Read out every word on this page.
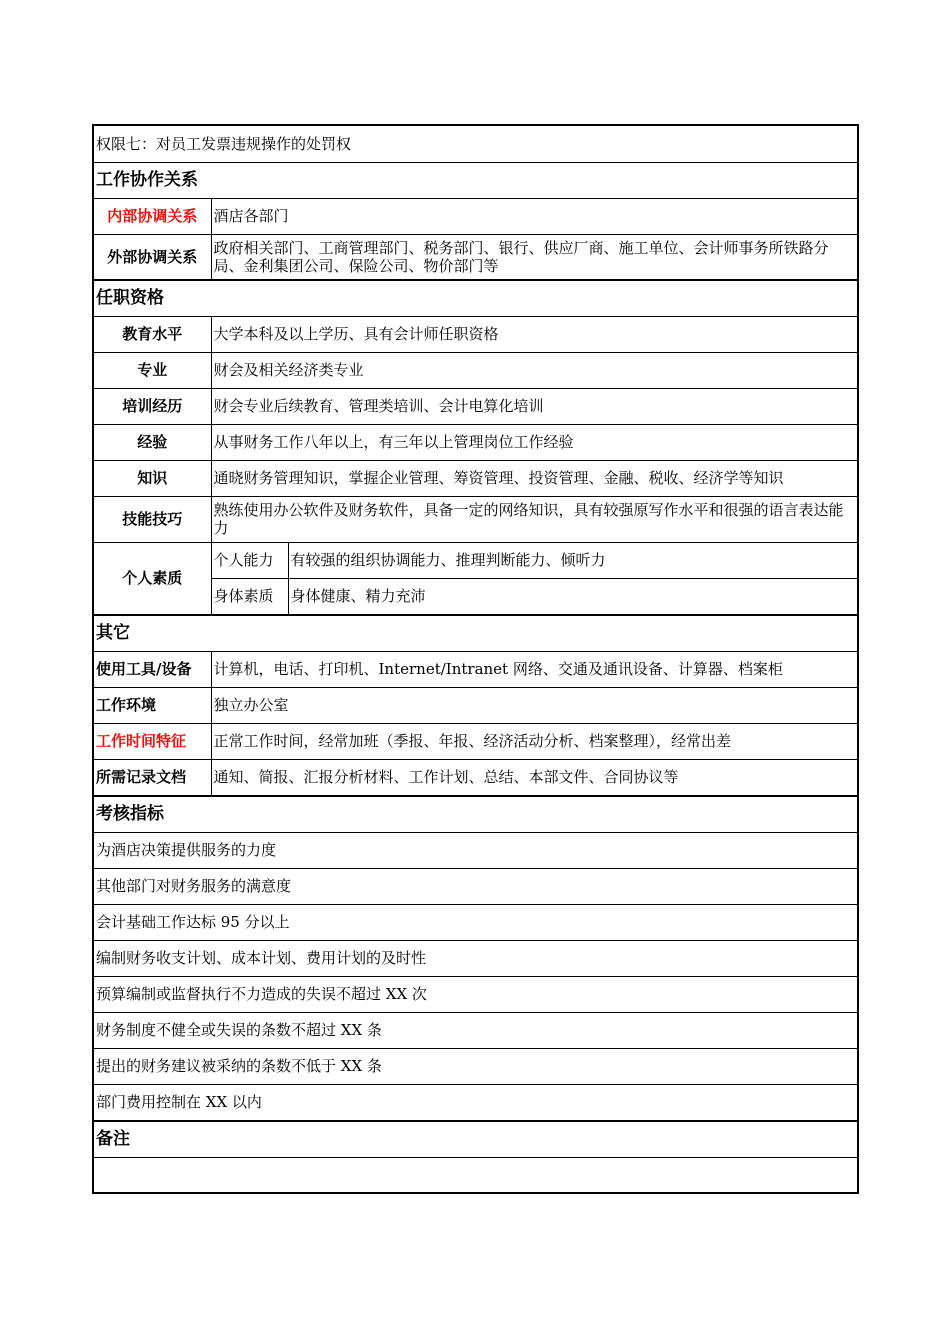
权限七：对员工发票违规操作的处罚权		
工作协作关系		
内部协调关系	酒店各部门	
外部协调关系	政府相关部门、工商管理部门、税务部门、银行、供应厂商、施工单位、会计师事务所铁路分局、金利集团公司、保险公司、物价部门等	
任职资格		
教育水平	大学本科及以上学历、具有会计师任职资格	
专业	财会及相关经济类专业	
培训经历	财会专业后续教育、管理类培训、会计电算化培训	
经验	从事财务工作八年以上，有三年以上管理岗位工作经验	
知识	通晓财务管理知识，掌握企业管理、筹资管理、投资管理、金融、税收、经济学等知识	
技能技巧	熟练使用办公软件及财务软件，具备一定的网络知识，具有较强原写作水平和很强的语言表达能力	
个人素质	个人能力	有较强的组织协调能力、推理判断能力、倾听力
	身体素质	身体健康、精力充沛
其它		
使用工具/设备	计算机，电话、打印机、Internet/Intranet 网络、交通及通讯设备、计算器、档案柜	
工作环境	独立办公室	
工作时间特征	正常工作时间，经常加班（季报、年报、经济活动分析、档案整理），经常出差	
所需记录文档	通知、简报、汇报分析材料、工作计划、总结、本部文件、合同协议等	
考核指标		
为酒店决策提供服务的力度		
其他部门对财务服务的满意度		
会计基础工作达标 95 分以上		
编制财务收支计划、成本计划、费用计划的及时性		
预算编制或监督执行不力造成的失误不超过 XX 次		
财务制度不健全或失误的条数不超过 XX 条		
提出的财务建议被采纳的条数不低于 XX 条		
部门费用控制在 XX 以内		
备注		
